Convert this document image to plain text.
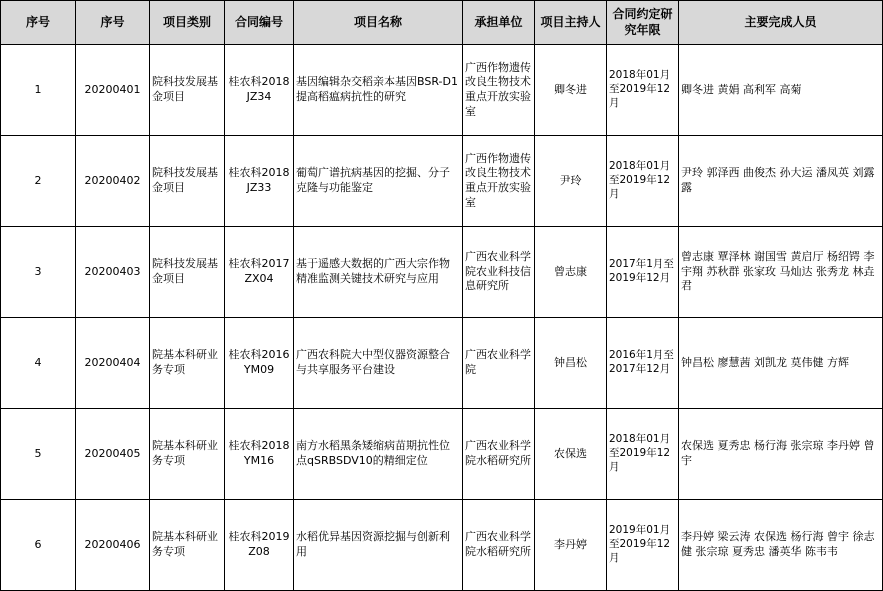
序号	序号	项目类别	合同编号	项目名称	承担单位	项目主持人	合同约定研究年限	主要完成人员
1	20200401	院科技发展基金项目	桂农科2018JZ34	基因编辑杂交稻亲本基因BSR-D1 提高稻瘟病抗性的研究	广西作物遗传改良生物技术重点开放实验室	卿冬进	2018年01月至2019年12月	卿冬进 黄娟 高利军 高菊
2	20200402	院科技发展基金项目	桂农科2018JZ33	葡萄广谱抗病基因的挖掘、分子克隆与功能鉴定	广西作物遗传改良生物技术重点开放实验室	尹玲	2018年01月至2019年12月	尹玲 郭泽西 曲俊杰 孙大运 潘凤英 刘露露
3	20200403	院科技发展基金项目	桂农科2017ZX04	基于遥感大数据的广西大宗作物精准监测关键技术研究与应用	广西农业科学院农业科技信息研究所	曾志康	2017年1月至2019年12月	曾志康 覃泽林 谢国雪 黄启厅 杨绍锷 李宇翔 苏秋群 张家玫 马灿达 张秀龙 林垚君
4	20200404	院基本科研业务专项	桂农科2016YM09	广西农科院大中型仪器资源整合与共享服务平台建设	广西农业科学院	钟昌松	2016年1月至2017年12月	钟昌松 廖慧茜 刘凯龙 莫伟健 方辉
5	20200405	院基本科研业务专项	桂农科2018YM16	南方水稻黑条矮缩病苗期抗性位点qSRBSDV10的精细定位	广西农业科学院水稻研究所	农保选	2018年01月至2019年12月	农保选 夏秀忠 杨行海 张宗琼 李丹婷 曾宇
6	20200406	院基本科研业务专项	桂农科2019Z08	水稻优异基因资源挖掘与创新利用	广西农业科学院水稻研究所	李丹婷	2019年01月至2019年12月	李丹婷 梁云涛 农保选 杨行海 曾宇 徐志健 张宗琼 夏秀忠 潘英华 陈韦韦
